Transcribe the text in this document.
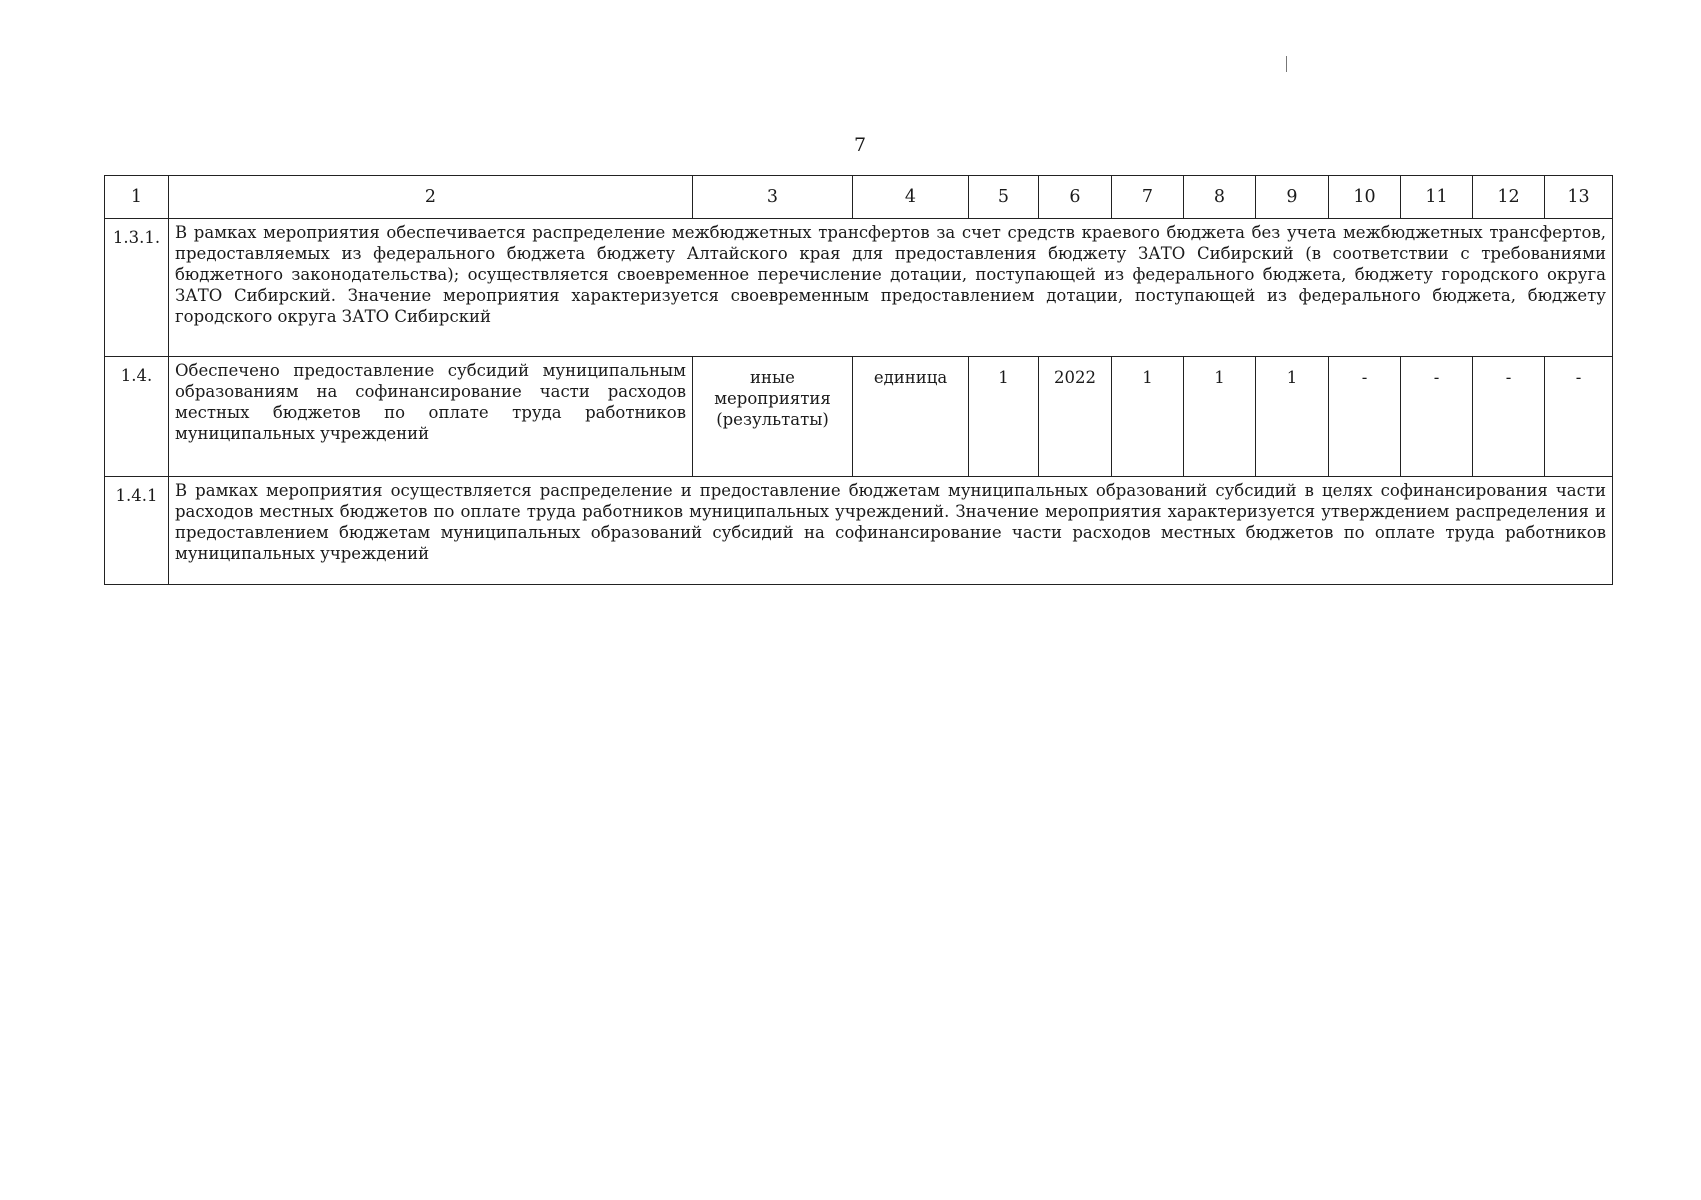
7
1	2	3	4	5	6	7	8	9	10	11	12	13
1.3.1.	В рамках мероприятия обеспечивается распределение межбюджетных трансфертов за счет средств краевого бюджета без учета межбюджетных трансфертов, предоставляемых из федерального бюджета бюджету Алтайского края для предоставления бюджету ЗАТО Сибирский (в соответствии с требованиями бюджетного законодательства); осуществляется своевременное перечисление дотации, поступающей из федерального бюджета, бюджету городского округа ЗАТО Сибирский. Значение мероприятия характеризуется своевременным предоставлением дотации, поступающей из федерального бюджета, бюджету городского округа ЗАТО Сибирский											
1.4.	Обеспечено предоставление субсидий муниципальным образованиям на софинансирование части расходов местных бюджетов по оплате труда работников муниципальных учреждений	иные мероприятия (результаты)	единица	1	2022	1	1	1	-	-	-	-
1.4.1	В рамках мероприятия осуществляется распределение и предоставление бюджетам муниципальных образований субсидий в целях софинансирования части расходов местных бюджетов по оплате труда работников муниципальных учреждений. Значение мероприятия характеризуется утверждением распределения и предоставлением бюджетам муниципальных образований субсидий на софинансирование части расходов местных бюджетов по оплате труда работников муниципальных учреждений											
